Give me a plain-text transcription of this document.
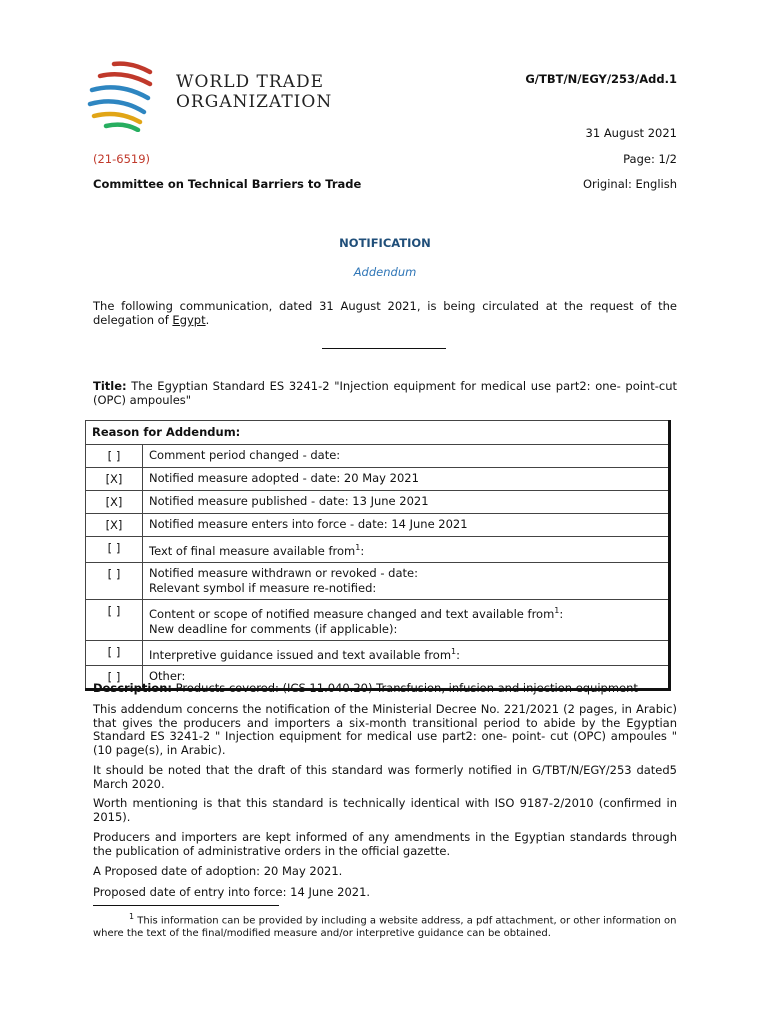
WORLD TRADE
ORGANIZATION
G/TBT/N/EGY/253/Add.1
31 August 2021
(21-6519)	Page: 1/2
Committee on Technical Barriers to Trade	Original: English
NOTIFICATION
Addendum
The following communication, dated 31 August 2021, is being circulated at the request of the delegation of Egypt.
Title: The Egyptian Standard ES 3241-2 "Injection equipment for medical use part2: one- point-cut (OPC) ampoules"
Reason for Addendum:	
[ ]	Comment period changed - date:
[X]	Notified measure adopted - date: 20 May 2021
[X]	Notified measure published - date: 13 June 2021
[X]	Notified measure enters into force - date: 14 June 2021
[ ]	Text of final measure available from$^1$:
[ ]	Notified measure withdrawn or revoked - date:
Relevant symbol if measure re-notified:
[ ]	Content or scope of notified measure changed and text available from$^1$:
New deadline for comments (if applicable):
[ ]	Interpretive guidance issued and text available from$^1$:
[ ]	Other:
Description: Products covered: (ICS 11.040.20) Transfusion, infusion and injection equipment
This addendum concerns the notification of the Ministerial Decree No. 221/2021 (2 pages, in Arabic) that gives the producers and importers a six-month transitional period to abide by the Egyptian Standard ES 3241-2 " Injection equipment for medical use part2: one- point- cut (OPC) ampoules " (10 page(s), in Arabic).
It should be noted that the draft of this standard was formerly notified in G/TBT/N/EGY/253 dated5 March 2020.
Worth mentioning is that this standard is technically identical with ISO 9187-2/2010 (confirmed in 2015).
Producers and importers are kept informed of any amendments in the Egyptian standards through the publication of administrative orders in the official gazette.
A Proposed date of adoption: 20 May 2021.
Proposed date of entry into force: 14 June 2021.
$^1$ This information can be provided by including a website address, a pdf attachment, or other information on where the text of the final/modified measure and/or interpretive guidance can be obtained.
